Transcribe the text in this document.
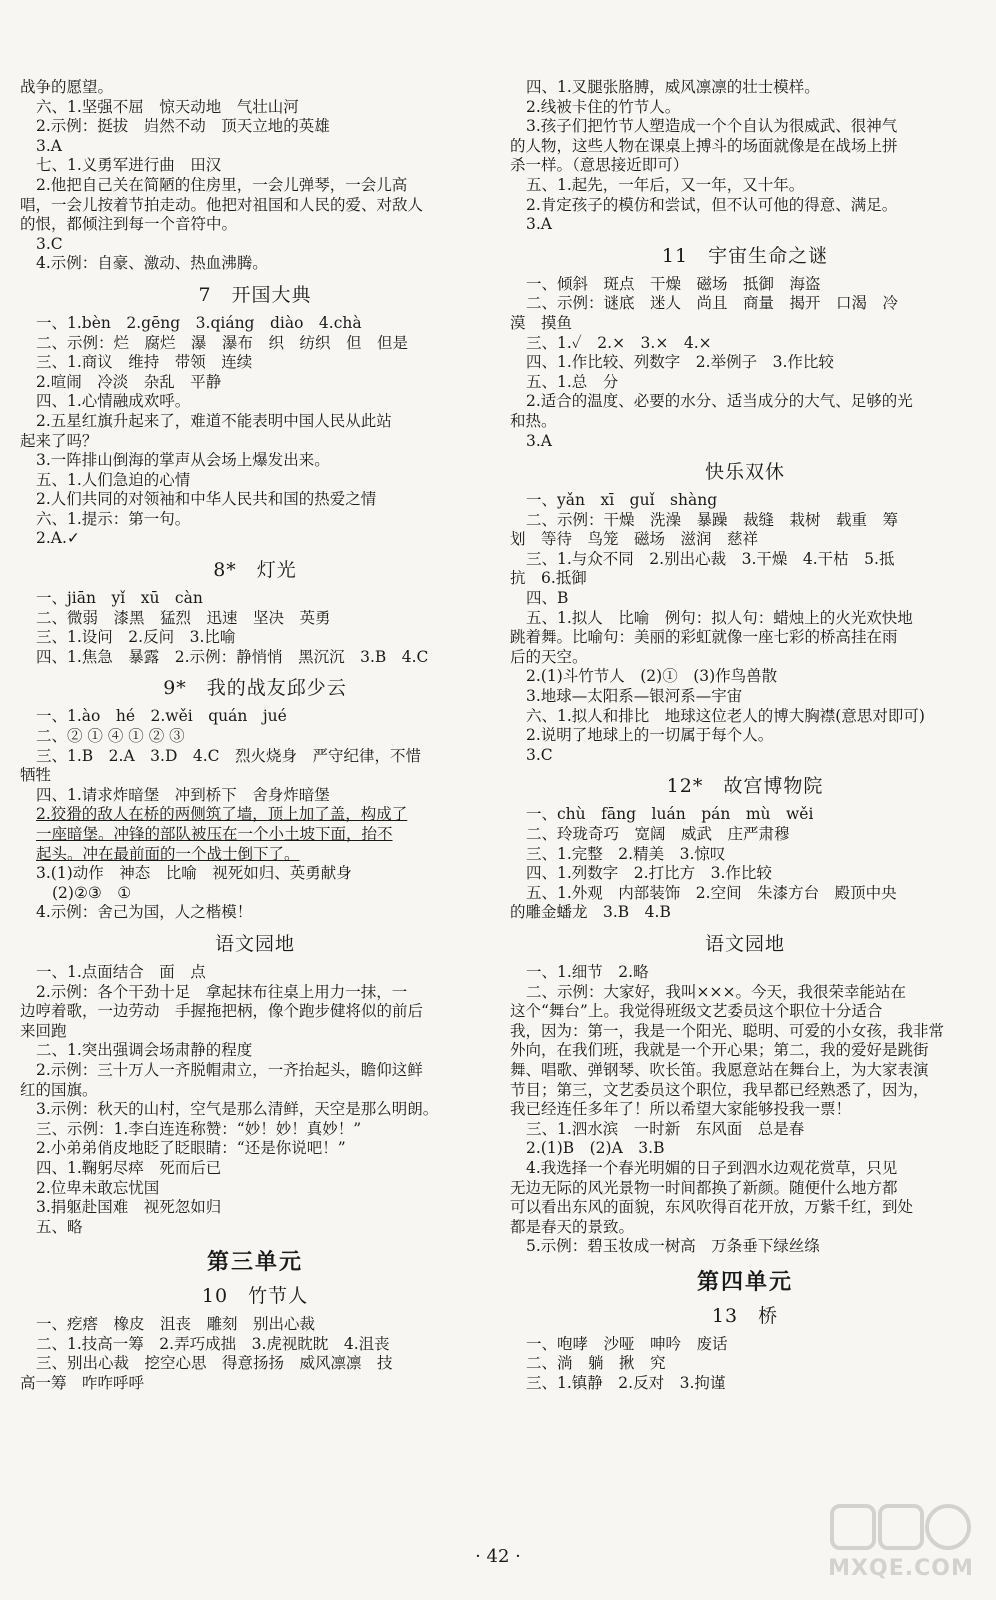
战争的愿望。
六、1.坚强不屈　惊天动地　气壮山河
2.示例：挺拔　岿然不动　顶天立地的英雄
3.A
七、1.义勇军进行曲　田汉
2.他把自己关在简陋的住房里，一会儿弹琴，一会儿高
唱，一会儿按着节拍走动。他把对祖国和人民的爱、对敌人
的恨，都倾注到每一个音符中。
3.C
4.示例：自豪、激动、热血沸腾。
7　开国大典
一、1.bèn　2.gēng　3.qiáng　diào　4.chà
二、示例：烂　腐烂　瀑　瀑布　织　纺织　但　但是
三、1.商议　维持　带领　连续
2.喧闹　冷淡　杂乱　平静
四、1.心情融成欢呼。
2.五星红旗升起来了，难道不能表明中国人民从此站
起来了吗？
3.一阵排山倒海的掌声从会场上爆发出来。
五、1.人们急迫的心情
2.人们共同的对领袖和中华人民共和国的热爱之情
六、1.提示：第一句。
2.A.✓
8*　灯光
一、jiān　yǐ　xū　càn
二、微弱　漆黑　猛烈　迅速　坚决　英勇
三、1.设问　2.反问　3.比喻
四、1.焦急　暴露　2.示例：静悄悄　黑沉沉　3.B　4.C
9*　我的战友邱少云
一、1.ào　hé　2.wěi　quán　jué
二、② ① ④ ① ② ③
三、1.B　2.A　3.D　4.C　烈火烧身　严守纪律，不惜
牺牲
四、1.请求炸暗堡　冲到桥下　舍身炸暗堡
2.狡猾的敌人在桥的两侧筑了墙，顶上加了盖，构成了
一座暗堡。冲锋的部队被压在一个小土坡下面，抬不
起头。冲在最前面的一个战士倒下了。
3.(1)动作　神态　比喻　视死如归、英勇献身
(2)②③　①
4.示例：舍己为国，人之楷模！
语文园地
一、1.点面结合　面　点
2.示例：各个干劲十足　拿起抹布往桌上用力一抹，一
边哼着歌，一边劳动　手握拖把柄，像个跑步健将似的前后
来回跑
二、1.突出强调会场肃静的程度
2.示例：三十万人一齐脱帽肃立，一齐抬起头，瞻仰这鲜
红的国旗。
3.示例：秋天的山村，空气是那么清鲜，天空是那么明朗。
三、示例：1.李白连连称赞：“妙！妙！真妙！”
2.小弟弟俏皮地眨了眨眼睛：“还是你说吧！”
四、1.鞠躬尽瘁　死而后已
2.位卑未敢忘忧国
3.捐躯赴国难　视死忽如归
五、略
第三单元
10　竹节人
一、疙瘩　橡皮　沮丧　雕刻　别出心裁
二、1.技高一筹　2.弄巧成拙　3.虎视眈眈　4.沮丧
三、别出心裁　挖空心思　得意扬扬　威风凛凛　技
高一筹　咋咋呼呼
四、1.叉腿张胳膊，威风凛凛的壮士模样。
2.线被卡住的竹节人。
3.孩子们把竹节人塑造成一个个自认为很威武、很神气
的人物，这些人物在课桌上搏斗的场面就像是在战场上拼
杀一样。（意思接近即可）
五、1.起先，一年后，又一年，又十年。
2.肯定孩子的模仿和尝试，但不认可他的得意、满足。
3.A
11　宇宙生命之谜
一、倾斜　斑点　干燥　磁场　抵御　海盗
二、示例：谜底　迷人　尚且　商量　揭开　口渴　冷
漠　摸鱼
三、1.✓　2.×　3.×　4.×
四、1.作比较、列数字　2.举例子　3.作比较
五、1.总　分
2.适合的温度、必要的水分、适当成分的大气、足够的光
和热。
3.A
快乐双休
一、yǎn　xī　guǐ　shàng
二、示例：干燥　洗澡　暴躁　裁缝　栽树　载重　筹
划　等待　鸟笼　磁场　滋润　慈祥
三、1.与众不同　2.别出心裁　3.干燥　4.干枯　5.抵
抗　6.抵御
四、B
五、1.拟人　比喻　例句：拟人句：蜡烛上的火光欢快地
跳着舞。比喻句：美丽的彩虹就像一座七彩的桥高挂在雨
后的天空。
2.(1)斗竹节人　(2)①　(3)作鸟兽散
3.地球—太阳系—银河系—宇宙
六、1.拟人和排比　地球这位老人的博大胸襟(意思对即可)
2.说明了地球上的一切属于每个人。
3.C
12*　故宫博物院
一、chù　fāng　luán　pán　mù　wěi
二、玲珑奇巧　宽阔　威武　庄严肃穆
三、1.完整　2.精美　3.惊叹
四、1.列数字　2.打比方　3.作比较
五、1.外观　内部装饰　2.空间　朱漆方台　殿顶中央
的雕金蟠龙　3.B　4.B
语文园地
一、1.细节　2.略
二、示例：大家好，我叫×××。今天，我很荣幸能站在
这个“舞台”上。我觉得班级文艺委员这个职位十分适合
我，因为：第一，我是一个阳光、聪明、可爱的小女孩，我非常
外向，在我们班，我就是一个开心果；第二，我的爱好是跳街
舞、唱歌、弹钢琴、吹长笛。我愿意站在舞台上，为大家表演
节目；第三，文艺委员这个职位，我早都已经熟悉了，因为，
我已经连任多年了！所以希望大家能够投我一票！
三、1.泗水滨　一时新　东风面　总是春
2.(1)B　(2)A　3.B
4.我选择一个春光明媚的日子到泗水边观花赏草，只见
无边无际的风光景物一时间都换了新颜。随便什么地方都
可以看出东风的面貌，东风吹得百花开放，万紫千红，到处
都是春天的景致。
5.示例：碧玉妆成一树高　万条垂下绿丝绦
第四单元
13　桥
一、咆哮　沙哑　呻吟　废话
二、淌　躺　揪　究
三、1.镇静　2.反对　3.拘谨
· 42 ·	MXQE.COM
